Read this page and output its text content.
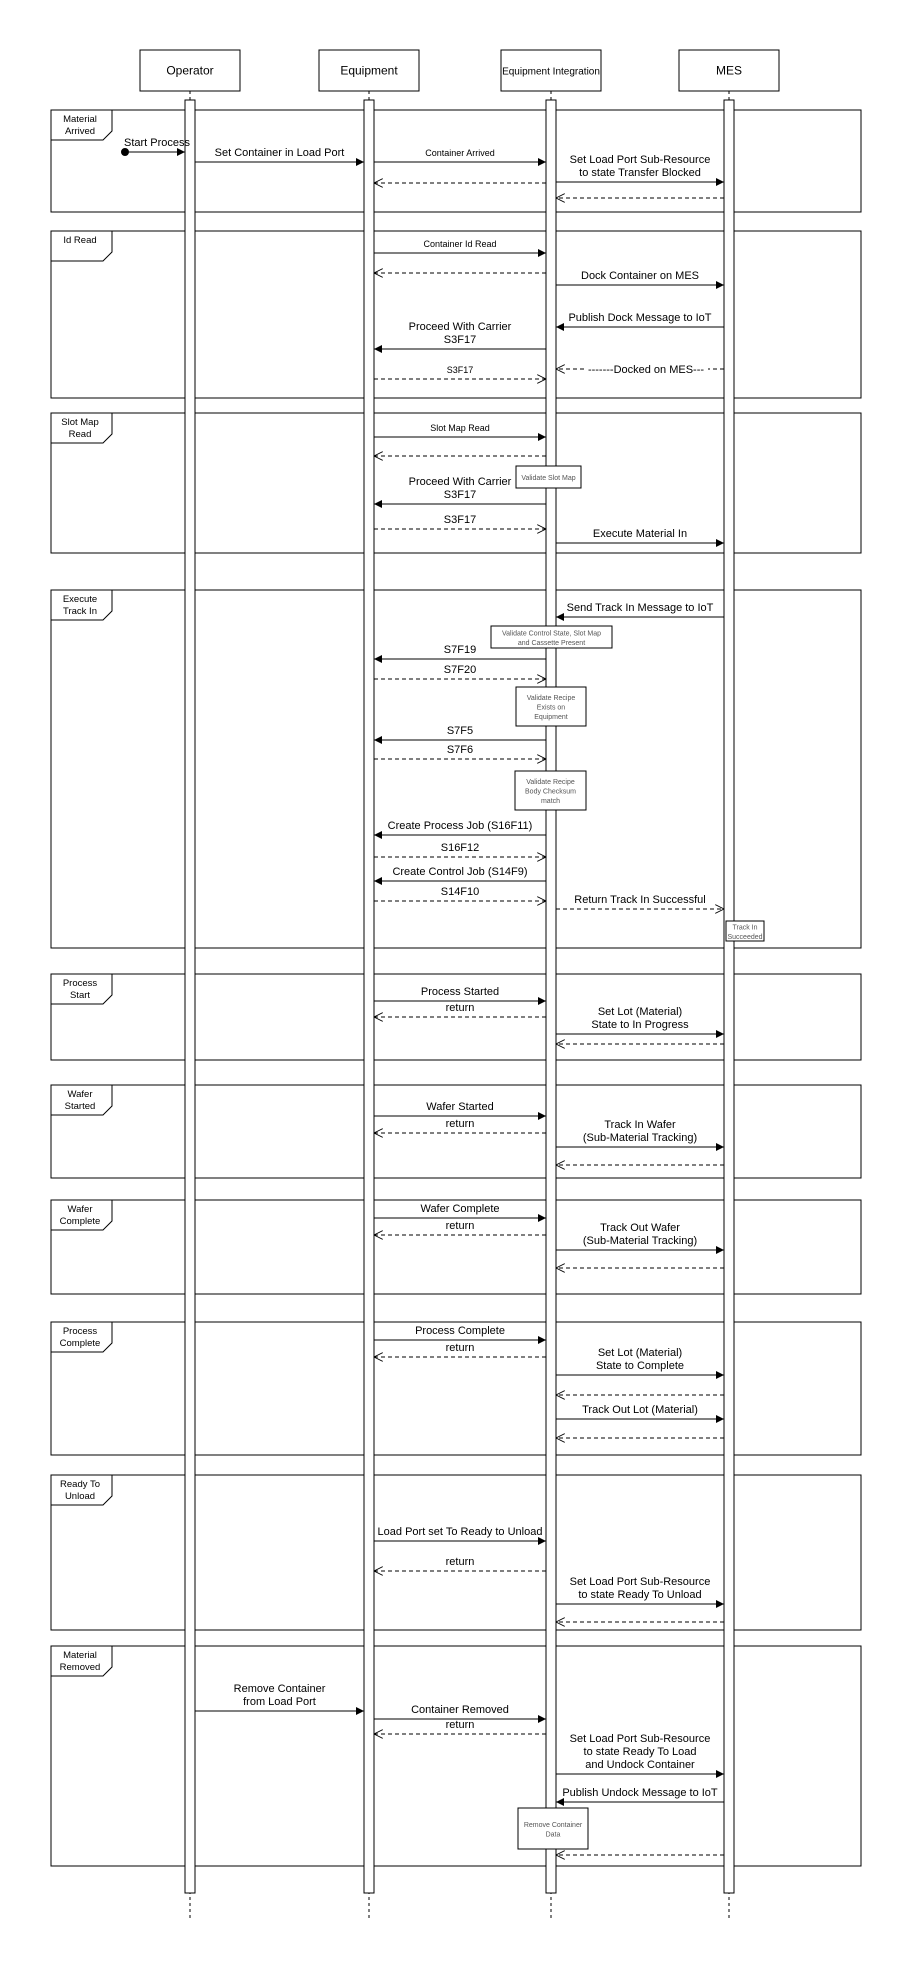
Material
Arrived
Id Read
Slot Map
Read
Execute
Track In
Process
Start
Wafer
Started
Wafer
Complete
Process
Complete
Ready To
Unload
Material
Removed
Operator	Equipment	Equipment Integration	MES
Start Process
Set Container in Load Port	Container Arrived
Set Load Port Sub-Resource
to state Transfer Blocked
Container Id Read
Dock Container on MES
Publish Dock Message to IoT
Proceed With Carrier
S3F17
S3F17	-------Docked on MES---
Slot Map Read
Proceed With Carrier
S3F17
S3F17
Execute Material In
Send Track In Message to IoT
S7F19
S7F20
S7F5
S7F6
Create Process Job (S16F11)
S16F12
Create Control Job (S14F9)
S14F10
Return Track In Successful
Process Started
return	Set Lot (Material)
State to In Progress
Wafer Started
return	Track In Wafer
(Sub-Material Tracking)
Wafer Complete
return	Track Out Wafer
(Sub-Material Tracking)
Process Complete
return	Set Lot (Material)
State to Complete
Track Out Lot (Material)
Load Port set To Ready to Unload
return
Set Load Port Sub-Resource
to state Ready To Unload
Remove Container
from Load Port
Container Removed
return
Set Load Port Sub-Resource
to state Ready To Load
and Undock Container
Publish Undock Message to IoT
Validate Slot Map
Validate Control State, Slot Map
and Cassette Present
Validate Recipe
Exists on
Equipment
Validate Recipe
Body Checksum
match
Track In
Succeeded
Remove Container
Data
